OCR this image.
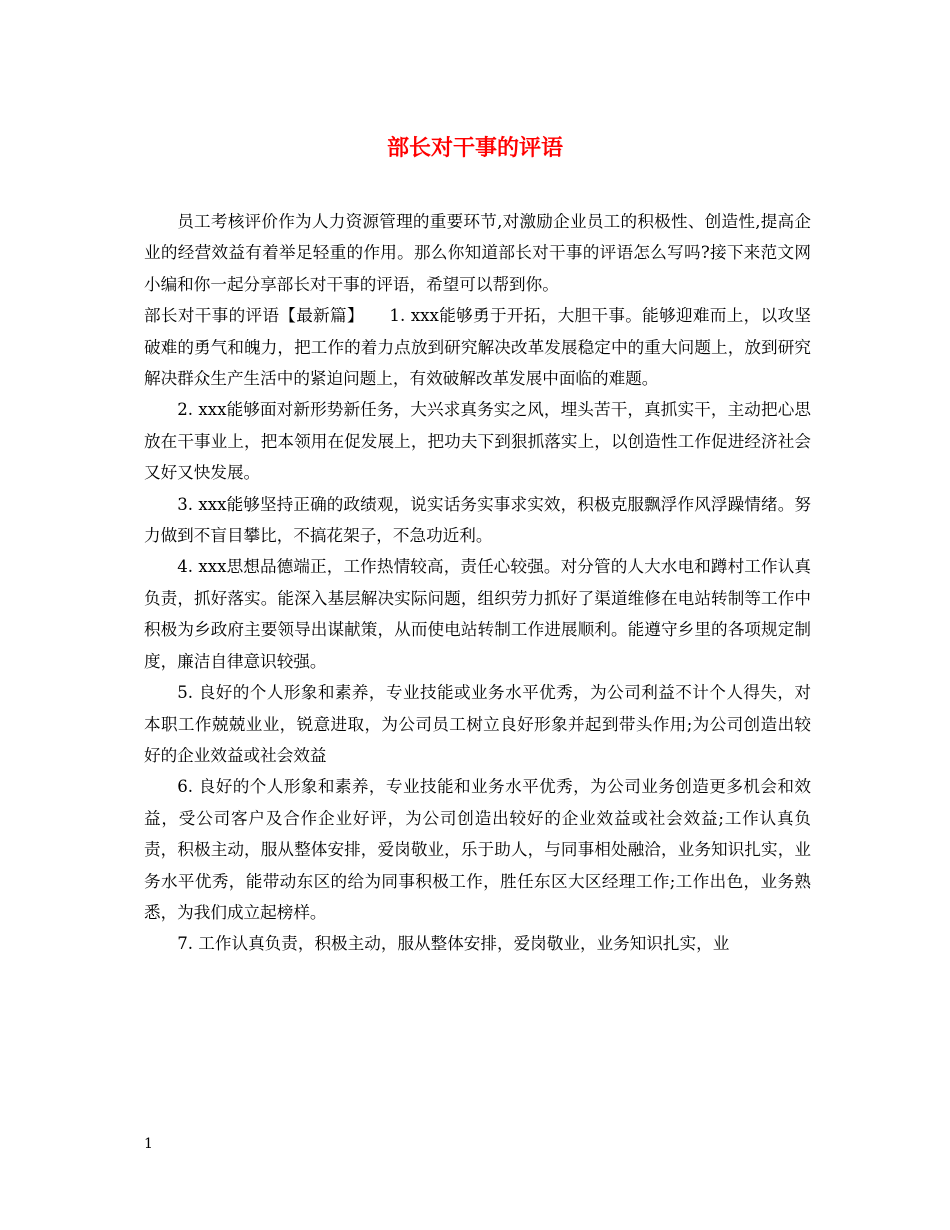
部长对干事的评语

员工考核评价作为人力资源管理的重要环节,对激励企业员工的积极性、创造性,提高企业的经营效益有着举足轻重的作用。那么你知道部长对干事的评语怎么写吗?接下来范文网小编和你一起分享部长对干事的评语，希望可以帮到你。

部长对干事的评语【最新篇】　　1. xxx能够勇于开拓，大胆干事。能够迎难而上，以攻坚破难的勇气和魄力，把工作的着力点放到研究解决改革发展稳定中的重大问题上，放到研究解决群众生产生活中的紧迫问题上，有效破解改革发展中面临的难题。

2. xxx能够面对新形势新任务，大兴求真务实之风，埋头苦干，真抓实干，主动把心思放在干事业上，把本领用在促发展上，把功夫下到狠抓落实上，以创造性工作促进经济社会又好又快发展。

3. xxx能够坚持正确的政绩观，说实话务实事求实效，积极克服飘浮作风浮躁情绪。努力做到不盲目攀比，不搞花架子，不急功近利。

4. xxx思想品德端正，工作热情较高，责任心较强。对分管的人大水电和蹲村工作认真负责，抓好落实。能深入基层解决实际问题，组织劳力抓好了渠道维修在电站转制等工作中积极为乡政府主要领导出谋献策，从而使电站转制工作进展顺利。能遵守乡里的各项规定制度，廉洁自律意识较强。

5. 良好的个人形象和素养，专业技能或业务水平优秀，为公司利益不计个人得失，对本职工作兢兢业业，锐意进取，为公司员工树立良好形象并起到带头作用;为公司创造出较好的企业效益或社会效益

6. 良好的个人形象和素养，专业技能和业务水平优秀，为公司业务创造更多机会和效益，受公司客户及合作企业好评，为公司创造出较好的企业效益或社会效益;工作认真负责，积极主动，服从整体安排，爱岗敬业，乐于助人，与同事相处融洽，业务知识扎实，业务水平优秀，能带动东区的给为同事积极工作，胜任东区大区经理工作;工作出色，业务熟悉，为我们成立起榜样。

7. 工作认真负责，积极主动，服从整体安排，爱岗敬业，业务知识扎实，业

1
